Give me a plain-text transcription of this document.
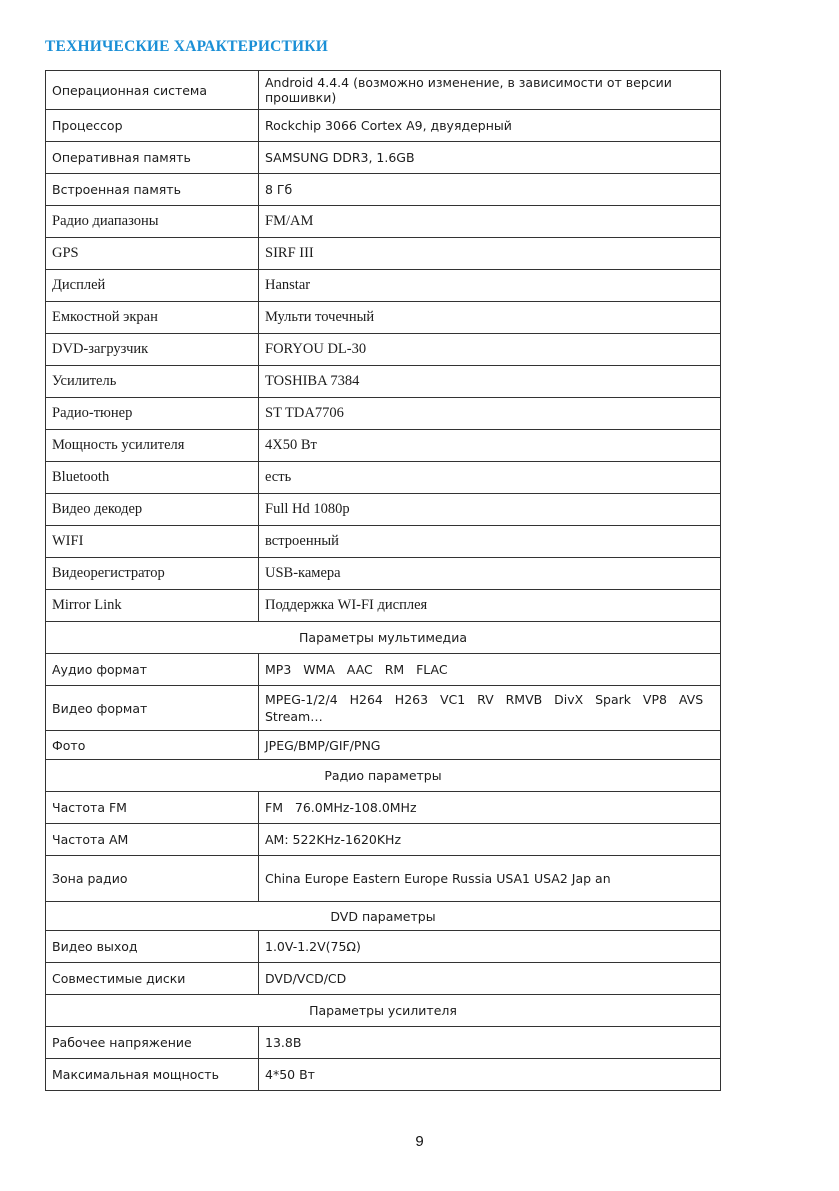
ТЕХНИЧЕСКИЕ ХАРАКТЕРИСТИКИ
Операционная система	Android 4.4.4 (возможно изменение, в зависимости от версии прошивки)
Процессор	Rockchip 3066 Cortex A9, двуядерный
Оперативная память	SAMSUNG DDR3, 1.6GB
Встроенная память	8 Гб
Радио диапазоны	FM/AM
GPS	SIRF III
Дисплей	Hanstar
Емкостной экран	Мульти точечный
DVD-загрузчик	FORYOU DL-30
Усилитель	TOSHIBA 7384
Радио-тюнер	ST TDA7706
Мощность усилителя	4X50 Вт
Bluetooth	есть
Видео декодер	Full Hd 1080p
WIFI	встроенный
Видеорегистратор	USB-камера
Mirror Link	Поддержка WI-FI дисплея
Параметры мультимедиа	
Аудио формат	MP3   WMA   AAC   RM   FLAC
Видео формат	MPEG-1/2/4   H264   H263   VC1   RV   RMVB   DivX   Spark   VP8   AVS Stream…
Фото	JPEG/BMP/GIF/PNG
Радио параметры	
Частота FM	FM   76.0MHz-108.0MHz
Частота AM	AM: 522KHz-1620KHz
Зона радио	China Europe Eastern Europe Russia USA1 USA2 Jap an
DVD параметры	
Видео выход	1.0V-1.2V(75Ω)
Совместимые диски	DVD/VCD/CD
Параметры усилителя	
Рабочее напряжение	13.8В
Максимальная мощность	4*50 Вт
9
